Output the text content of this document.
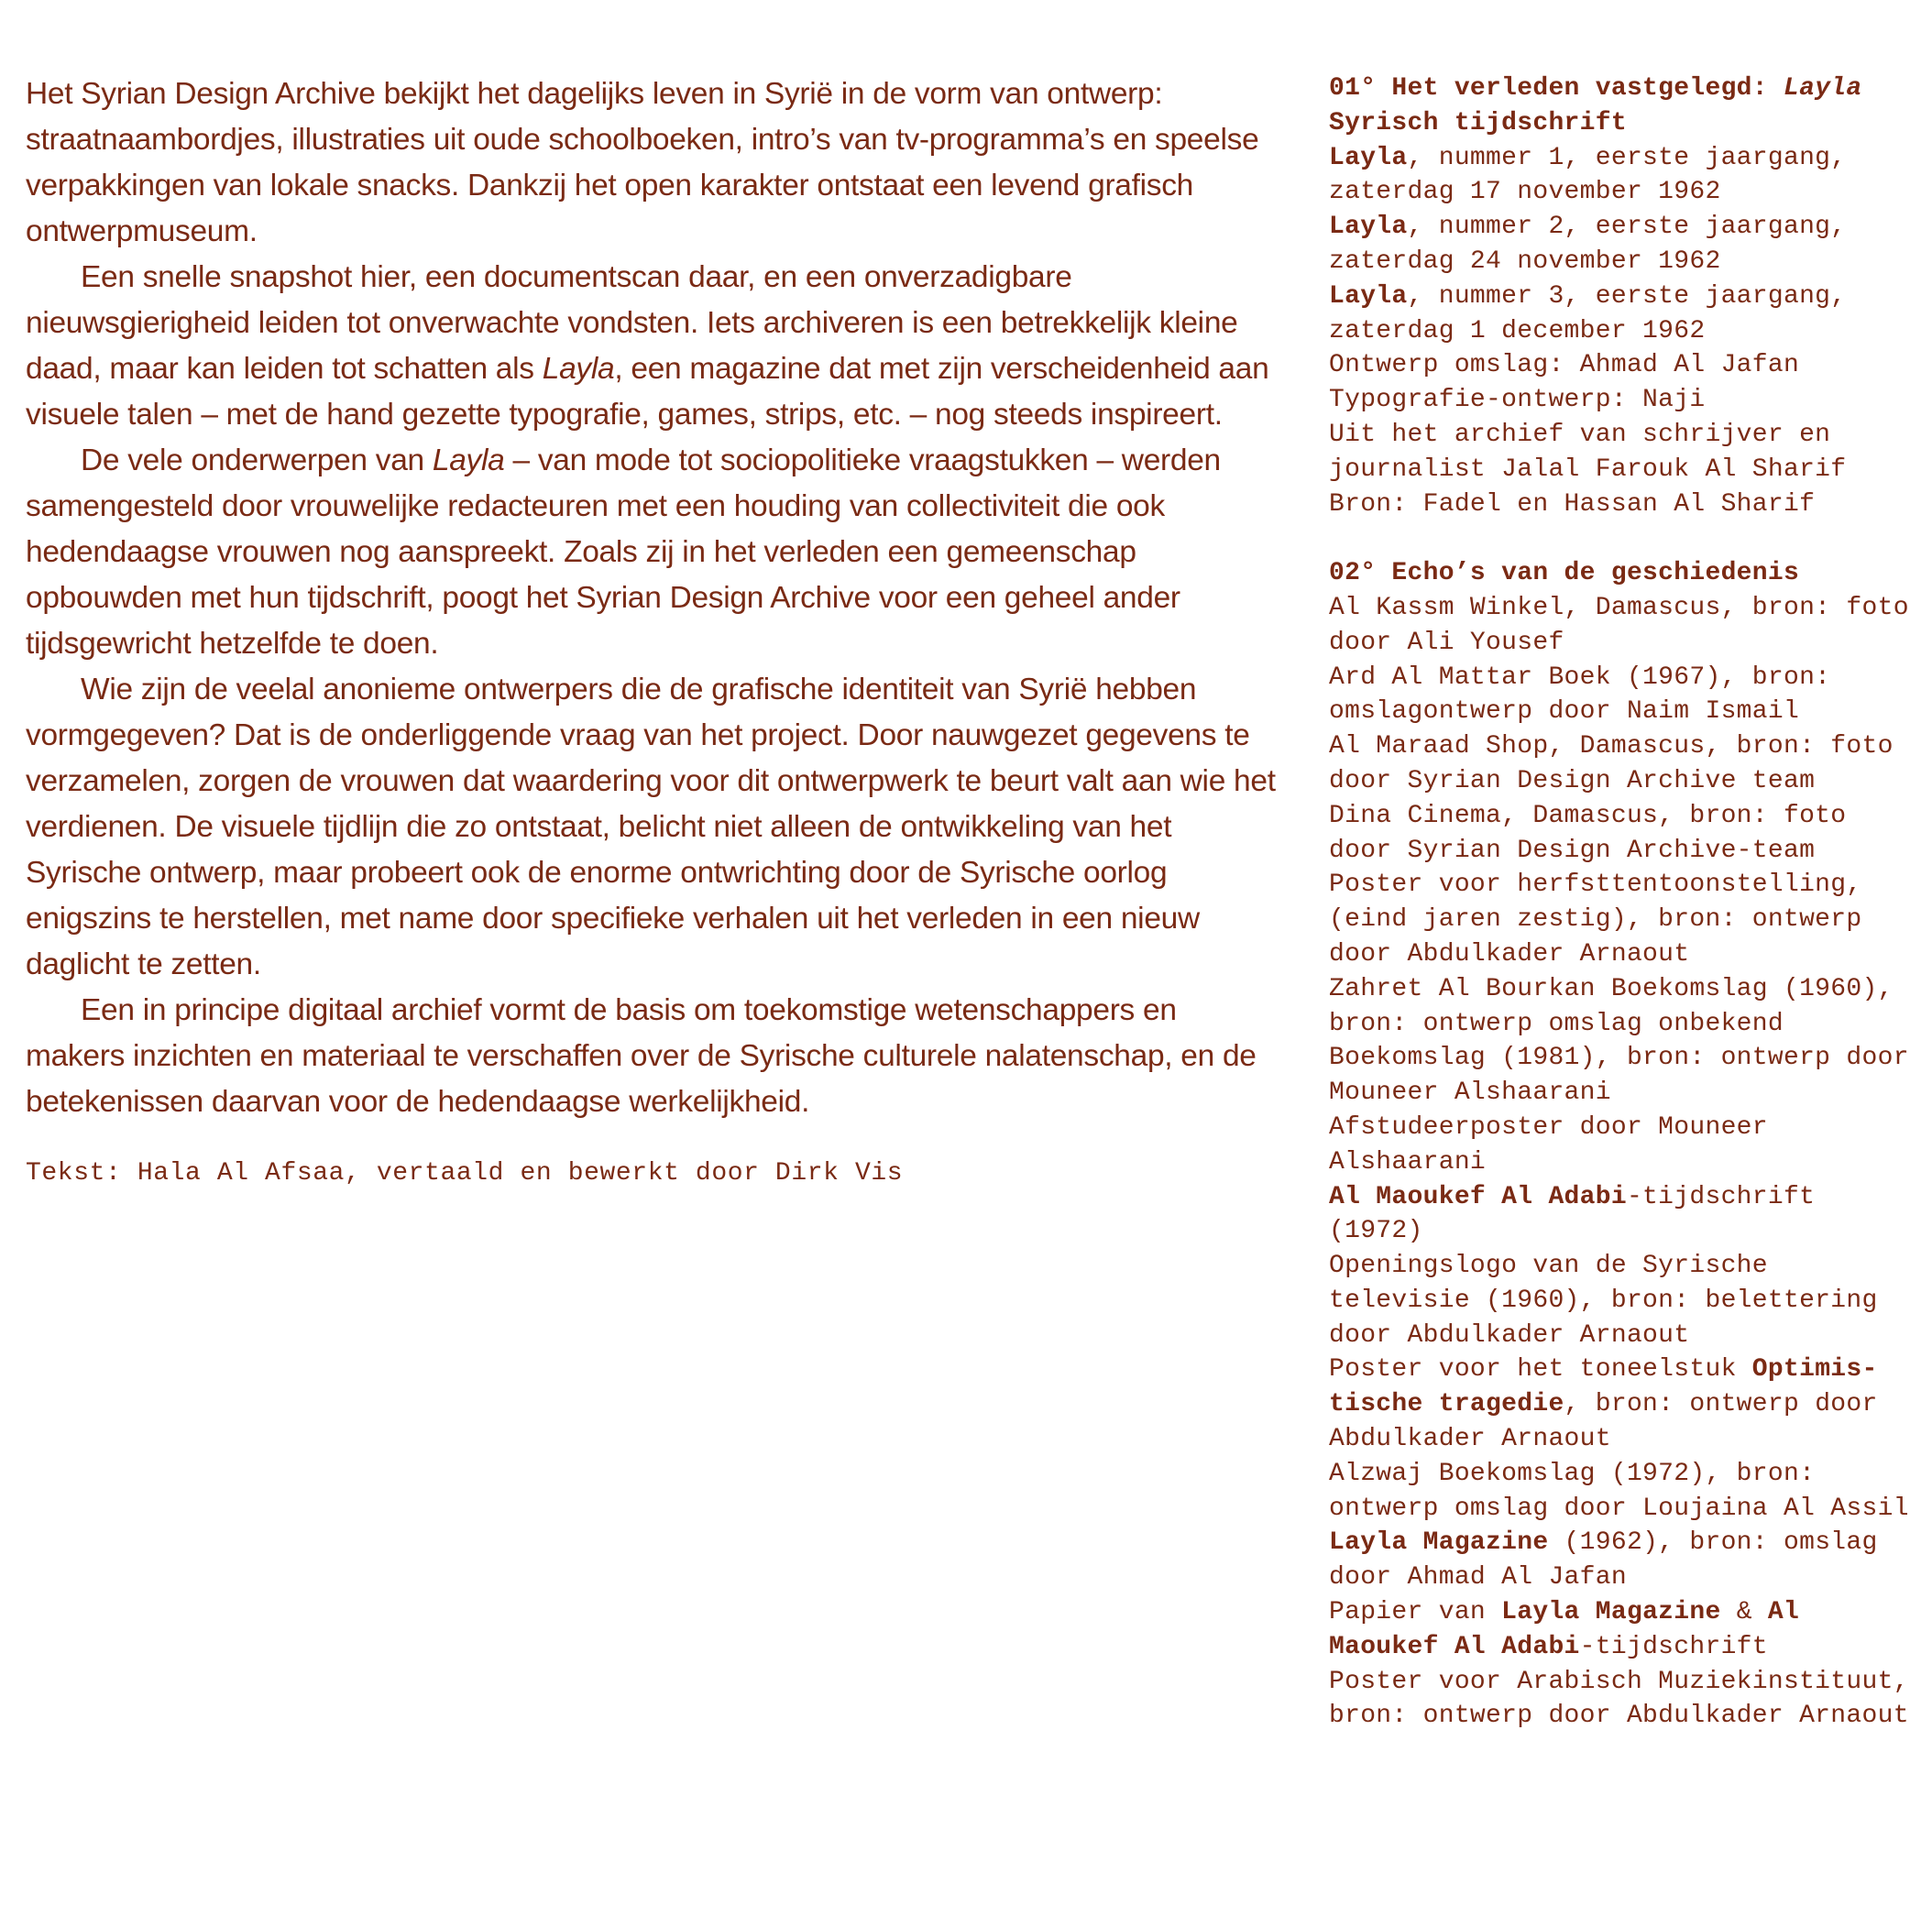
Het Syrian Design Archive bekijkt het dagelijks leven in Syrië in de vorm van ontwerp: straatnaambordjes, illustraties uit oude schoolboeken, intro’s van tv-programma’s en speelse verpakkingen van lokale snacks. Dankzij het open karakter ontstaat een levend grafisch ontwerpmuseum.

Een snelle snapshot hier, een documentscan daar, en een onverzadigbare nieuwsgierigheid leiden tot onverwachte vondsten. Iets archiveren is een betrekkelijk kleine daad, maar kan leiden tot schatten als Layla, een magazine dat met zijn verscheidenheid aan visuele talen – met de hand gezette typografie, games, strips, etc. – nog steeds inspireert.

De vele onderwerpen van Layla – van mode tot sociopolitieke vraagstukken – werden samengesteld door vrouwelijke redacteuren met een houding van collectiviteit die ook hedendaagse vrouwen nog aanspreekt. Zoals zij in het verleden een gemeenschap opbouwden met hun tijdschrift, poogt het Syrian Design Archive voor een geheel ander tijdsgewricht hetzelfde te doen.

Wie zijn de veelal anonieme ontwerpers die de grafische identiteit van Syrië hebben vormgegeven? Dat is de onderliggende vraag van het project. Door nauwgezet gegevens te verzamelen, zorgen de vrouwen dat waardering voor dit ontwerpwerk te beurt valt aan wie het verdienen. De visuele tijdlijn die zo ontstaat, belicht niet alleen de ontwikkeling van het Syrische ontwerp, maar probeert ook de enorme ontwrichting door de Syrische oorlog enigszins te herstellen, met name door specifieke verhalen uit het verleden in een nieuw daglicht te zetten.

Een in principe digitaal archief vormt de basis om toekomstige wetenschappers en makers inzichten en materiaal te verschaffen over de Syrische culturele nalatenschap, en de betekenissen daarvan voor de hedendaagse werkelijkheid.

Tekst: Hala Al Afsaa, vertaald en bewerkt door Dirk Vis
01° Het verleden vastgelegd: Layla Syrisch tijdschrift
Layla, nummer 1, eerste jaargang, zaterdag 17 november 1962
Layla, nummer 2, eerste jaargang, zaterdag 24 november 1962
Layla, nummer 3, eerste jaargang, zaterdag 1 december 1962
Ontwerp omslag: Ahmad Al Jafan
Typografie-ontwerp: Naji
Uit het archief van schrijver en journalist Jalal Farouk Al Sharif
Bron: Fadel en Hassan Al Sharif
02° Echo’s van de geschiedenis
Al Kassm Winkel, Damascus, bron: foto door Ali Yousef
Ard Al Mattar Boek (1967), bron: omslagontwerp door Naim Ismail
Al Maraad Shop, Damascus, bron: foto door Syrian Design Archive team
Dina Cinema, Damascus, bron: foto door Syrian Design Archive-team
Poster voor herfsttentoonstelling, (eind jaren zestig), bron: ontwerp door Abdulkader Arnaout
Zahret Al Bourkan Boekomslag (1960), bron: ontwerp omslag onbekend
Boekomslag (1981), bron: ontwerp door Mouneer Alshaarani
Afstudeerposter door Mouneer Alshaarani
Al Maoukef Al Adabi-tijdschrift (1972)
Openingslogo van de Syrische televisie (1960), bron: belettering door Abdulkader Arnaout
Poster voor het toneelstuk Optimistische tragedie, bron: ontwerp door Abdulkader Arnaout
Alzwaj Boekomslag (1972), bron: ontwerp omslag door Loujaina Al Assil
Layla Magazine (1962), bron: omslag door Ahmad Al Jafan
Papier van Layla Magazine & Al Maoukef Al Adabi-tijdschrift
Poster voor Arabisch Muziekinstituut, bron: ontwerp door Abdulkader Arnaout
